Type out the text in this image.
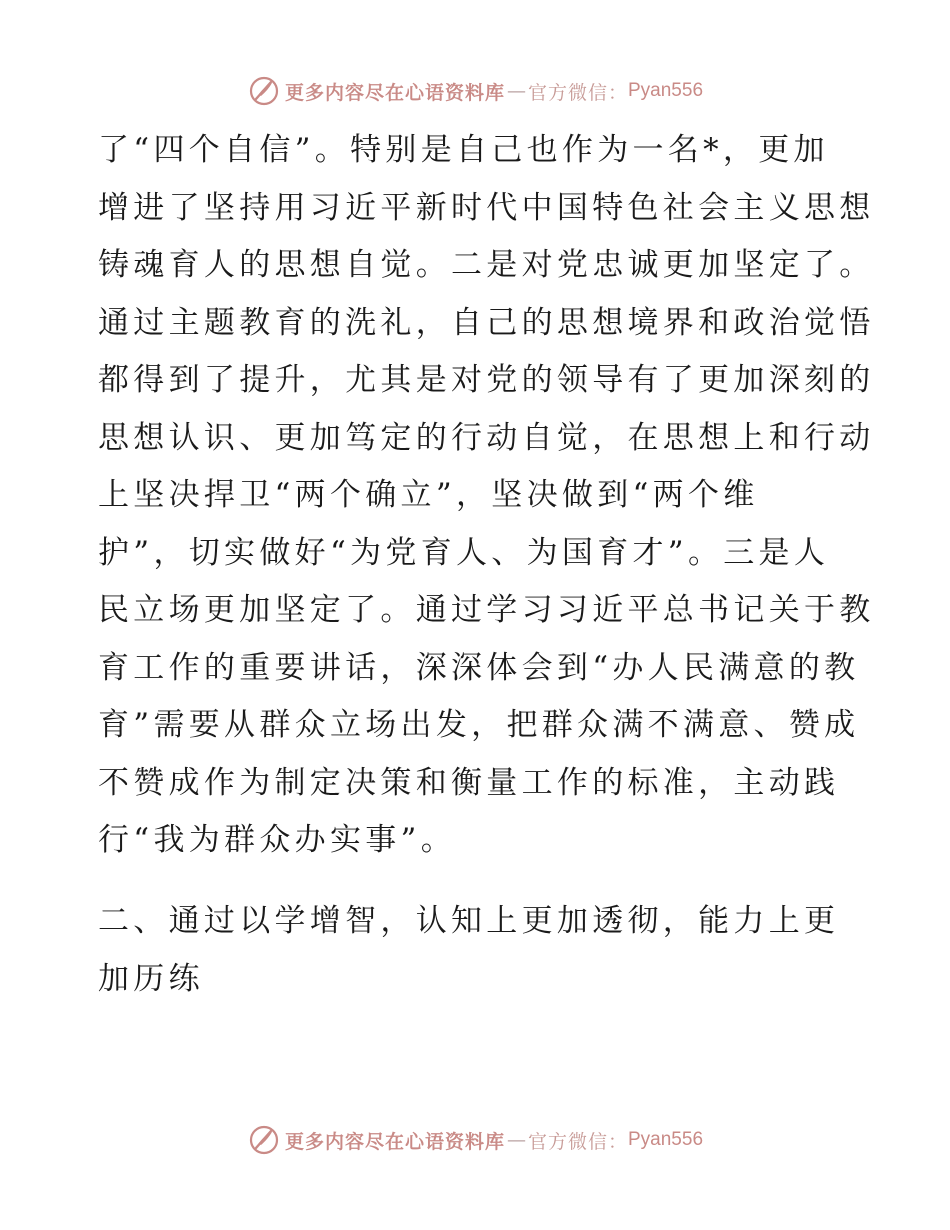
更多内容尽在心语资料库 — 官方微信： Pyan556
了“四个自信”。特别是自己也作为一名*，更加
增进了坚持用习近平新时代中国特色社会主义思想
铸魂育人的思想自觉。二是对党忠诚更加坚定了。
通过主题教育的洗礼，自己的思想境界和政治觉悟
都得到了提升，尤其是对党的领导有了更加深刻的
思想认识、更加笃定的行动自觉，在思想上和行动
上坚决捍卫“两个确立”，坚决做到“两个维
护”，切实做好“为党育人、为国育才”。三是人
民立场更加坚定了。通过学习习近平总书记关于教
育工作的重要讲话，深深体会到“办人民满意的教
育”需要从群众立场出发，把群众满不满意、赞成
不赞成作为制定决策和衡量工作的标准，主动践
行“我为群众办实事”。
二、通过以学增智，认知上更加透彻，能力上更
加历练
更多内容尽在心语资料库 — 官方微信： Pyan556
